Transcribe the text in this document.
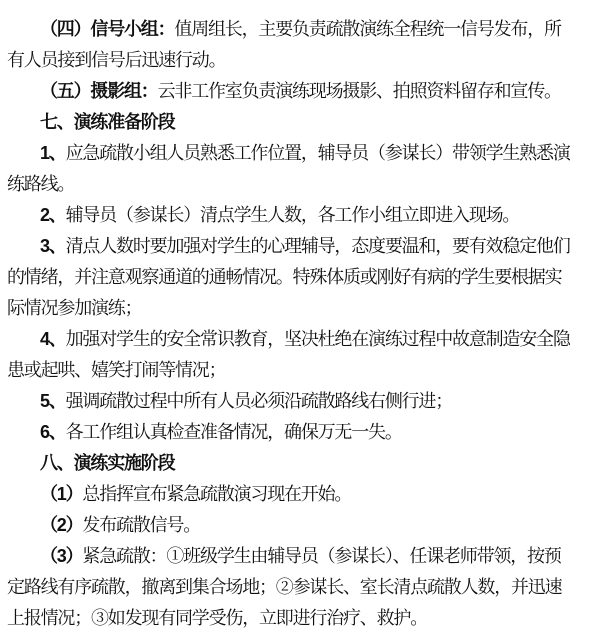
（四）信号小组：值周组长，主要负责疏散演练全程统一信号发布，所
有人员接到信号后迅速行动。
（五）摄影组：云非工作室负责演练现场摄影、拍照资料留存和宣传。
七、演练准备阶段
1、应急疏散小组人员熟悉工作位置，辅导员（参谋长）带领学生熟悉演
练路线。
2、辅导员（参谋长）清点学生人数，各工作小组立即进入现场。
3、清点人数时要加强对学生的心理辅导，态度要温和，要有效稳定他们
的情绪，并注意观察通道的通畅情况。特殊体质或刚好有病的学生要根据实
际情况参加演练；
4、加强对学生的安全常识教育，坚决杜绝在演练过程中故意制造安全隐
患或起哄、嬉笑打闹等情况；
5、强调疏散过程中所有人员必须沿疏散路线右侧行进；
6、各工作组认真检查准备情况，确保万无一失。
八、演练实施阶段
（1）总指挥宣布紧急疏散演习现在开始。
（2）发布疏散信号。
（3）紧急疏散：①班级学生由辅导员（参谋长）、任课老师带领，按预
定路线有序疏散，撤离到集合场地；②参谋长、室长清点疏散人数，并迅速
上报情况；③如发现有同学受伤，立即进行治疗、救护。
